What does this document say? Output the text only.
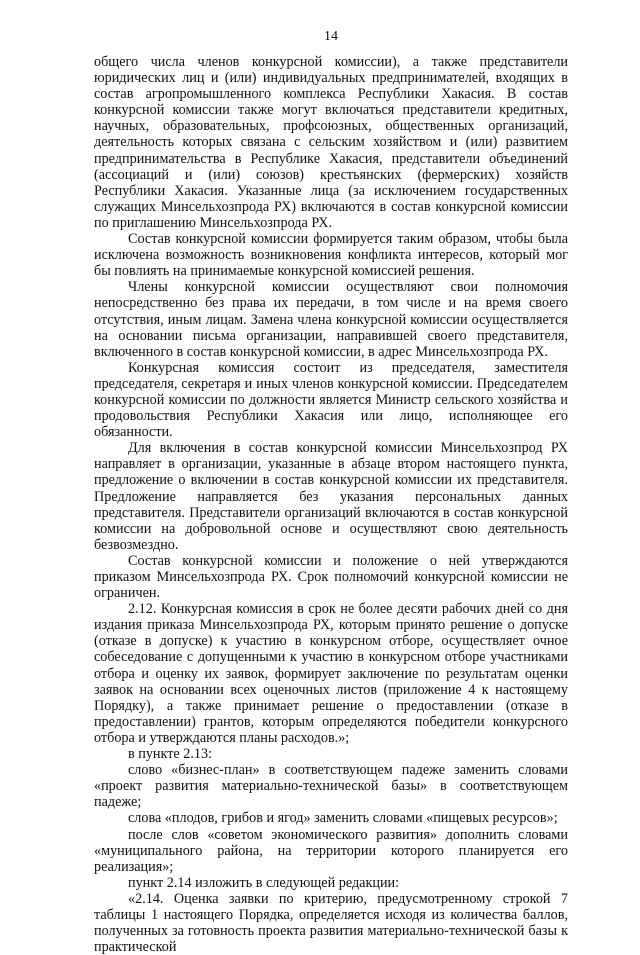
14

общего числа членов конкурсной комиссии), а также представители юридических лиц и (или) индивидуальных предпринимателей, входящих в состав агропромышленного комплекса Республики Хакасия. В состав конкурсной комиссии также могут включаться представители кредитных, научных, образовательных, профсоюзных, общественных организаций, деятельность которых связана с сельским хозяйством и (или) развитием предпринимательства в Республике Хакасия, представители объединений (ассоциаций и (или) союзов) крестьянских (фермерских) хозяйств Республики Хакасия. Указанные лица (за исключением государственных служащих Минсельхозпрода РХ) включаются в состав конкурсной комиссии по приглашению Минсельхозпрода РХ.

Состав конкурсной комиссии формируется таким образом, чтобы была исключена возможность возникновения конфликта интересов, который мог бы повлиять на принимаемые конкурсной комиссией решения.

Члены конкурсной комиссии осуществляют свои полномочия непосредственно без права их передачи, в том числе и на время своего отсутствия, иным лицам. Замена члена конкурсной комиссии осуществляется на основании письма организации, направившей своего представителя, включенного в состав конкурсной комиссии, в адрес Минсельхозпрода РХ.

Конкурсная комиссия состоит из председателя, заместителя председателя, секретаря и иных членов конкурсной комиссии. Председателем конкурсной комиссии по должности является Министр сельского хозяйства и продовольствия Республики Хакасия или лицо, исполняющее его обязанности.

Для включения в состав конкурсной комиссии Минсельхозпрод РХ направляет в организации, указанные в абзаце втором настоящего пункта, предложение о включении в состав конкурсной комиссии их представителя. Предложение направляется без указания персональных данных представителя. Представители организаций включаются в состав конкурсной комиссии на добровольной основе и осуществляют свою деятельность безвозмездно.

Состав конкурсной комиссии и положение о ней утверждаются приказом Минсельхозпрода РХ. Срок полномочий конкурсной комиссии не ограничен.

2.12. Конкурсная комиссия в срок не более десяти рабочих дней со дня издания приказа Минсельхозпрода РХ, которым принято решение о допуске (отказе в допуске) к участию в конкурсном отборе, осуществляет очное собеседование с допущенными к участию в конкурсном отборе участниками отбора и оценку их заявок, формирует заключение по результатам оценки заявок на основании всех оценочных листов (приложение 4 к настоящему Порядку), а также принимает решение о предоставлении (отказе в предоставлении) грантов, которым определяются победители конкурсного отбора и утверждаются планы расходов.»;

в пункте 2.13:

слово «бизнес-план» в соответствующем падеже заменить словами «проект развития материально-технической базы» в соответствующем падеже;

слова «плодов, грибов и ягод» заменить словами «пищевых ресурсов»;

после слов «советом экономического развития» дополнить словами «муниципального района, на территории которого планируется его реализация»;

пункт 2.14 изложить в следующей редакции:

«2.14. Оценка заявки по критерию, предусмотренному строкой 7 таблицы 1 настоящего Порядка, определяется исходя из количества баллов, полученных за готовность проекта развития материально-технической базы к практической
